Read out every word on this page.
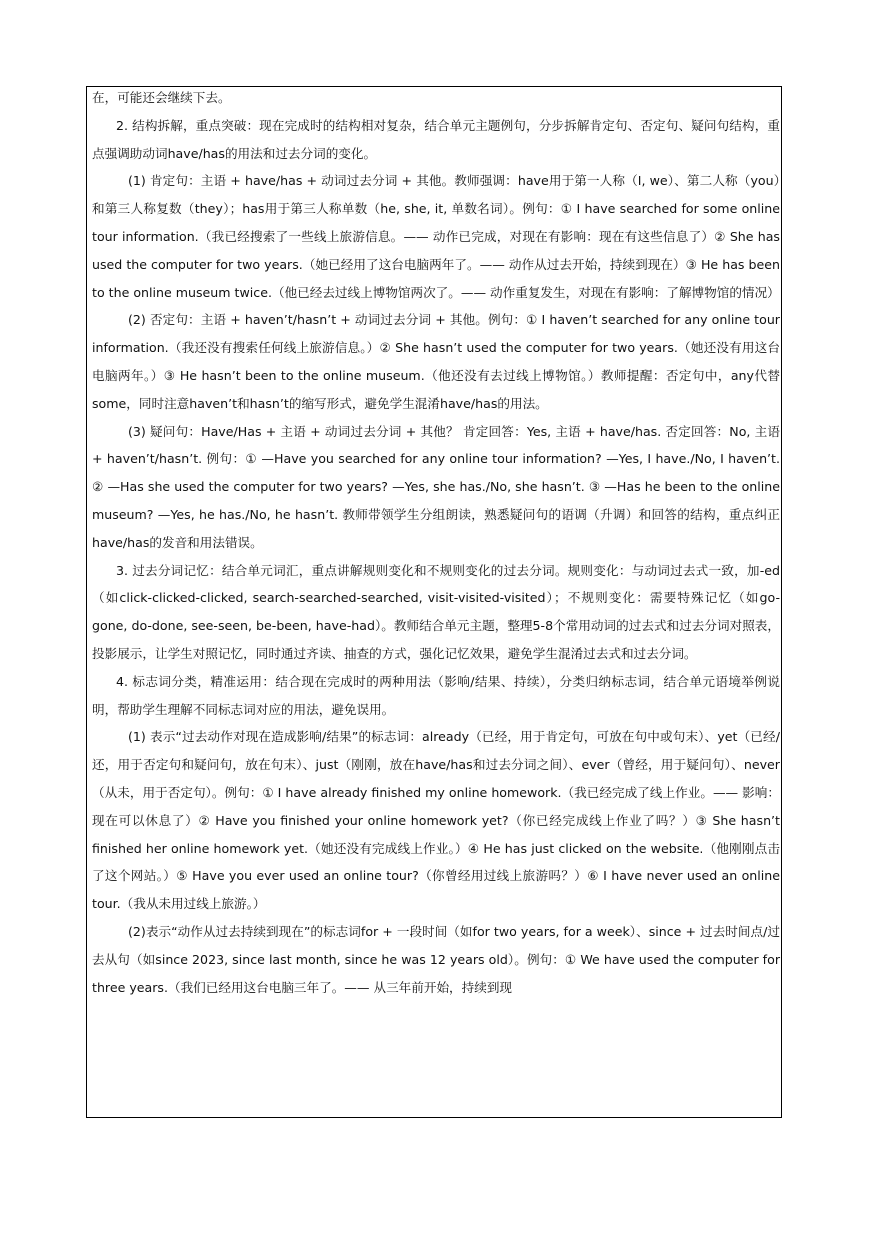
在，可能还会继续下去。

2. 结构拆解，重点突破：现在完成时的结构相对复杂，结合单元主题例句，分步拆解肯定句、否定句、疑问句结构，重点强调助动词have/has的用法和过去分词的变化。

(1) 肯定句：主语 + have/has + 动词过去分词 + 其他。教师强调：have用于第一人称（I, we）、第二人称（you）和第三人称复数（they）；has用于第三人称单数（he, she, it, 单数名词）。例句：① I have searched for some online tour information.（我已经搜索了一些线上旅游信息。—— 动作已完成，对现在有影响：现在有这些信息了）② She has used the computer for two years.（她已经用了这台电脑两年了。—— 动作从过去开始，持续到现在）③ He has been to the online museum twice.（他已经去过线上博物馆两次了。—— 动作重复发生，对现在有影响：了解博物馆的情况）

(2) 否定句：主语 + haven’t/hasn’t + 动词过去分词 + 其他。例句：① I haven’t searched for any online tour information.（我还没有搜索任何线上旅游信息。）② She hasn’t used the computer for two years.（她还没有用这台电脑两年。）③ He hasn’t been to the online museum.（他还没有去过线上博物馆。）教师提醒：否定句中，any代替some，同时注意haven’t和hasn’t的缩写形式，避免学生混淆have/has的用法。

(3) 疑问句：Have/Has + 主语 + 动词过去分词 + 其他？ 肯定回答：Yes, 主语 + have/has. 否定回答：No, 主语 + haven’t/hasn’t. 例句：① —Have you searched for any online tour information? —Yes, I have./No, I haven’t. ② —Has she used the computer for two years? —Yes, she has./No, she hasn’t. ③ —Has he been to the online museum? —Yes, he has./No, he hasn’t. 教师带领学生分组朗读，熟悉疑问句的语调（升调）和回答的结构，重点纠正have/has的发音和用法错误。

3. 过去分词记忆：结合单元词汇，重点讲解规则变化和不规则变化的过去分词。规则变化：与动词过去式一致，加-ed（如click-clicked-clicked, search-searched-searched, visit-visited-visited）；不规则变化：需要特殊记忆（如go-gone, do-done, see-seen, be-been, have-had）。教师结合单元主题，整理5-8个常用动词的过去式和过去分词对照表，投影展示，让学生对照记忆，同时通过齐读、抽查的方式，强化记忆效果，避免学生混淆过去式和过去分词。

4. 标志词分类，精准运用：结合现在完成时的两种用法（影响/结果、持续），分类归纳标志词，结合单元语境举例说明，帮助学生理解不同标志词对应的用法，避免误用。

(1) 表示“过去动作对现在造成影响/结果”的标志词：already（已经，用于肯定句，可放在句中或句末）、yet（已经/还，用于否定句和疑问句，放在句末）、just（刚刚，放在have/has和过去分词之间）、ever（曾经，用于疑问句）、never（从未，用于否定句）。例句：① I have already finished my online homework.（我已经完成了线上作业。—— 影响：现在可以休息了）② Have you finished your online homework yet?（你已经完成线上作业了吗？）③ She hasn’t finished her online homework yet.（她还没有完成线上作业。）④ He has just clicked on the website.（他刚刚点击了这个网站。）⑤ Have you ever used an online tour?（你曾经用过线上旅游吗？）⑥ I have never used an online tour.（我从未用过线上旅游。）

(2)表示“动作从过去持续到现在”的标志词for + 一段时间（如for two years, for a week）、since + 过去时间点/过去从句（如since 2023, since last month, since he was 12 years old）。例句：① We have used the computer for three years.（我们已经用这台电脑三年了。—— 从三年前开始，持续到现
